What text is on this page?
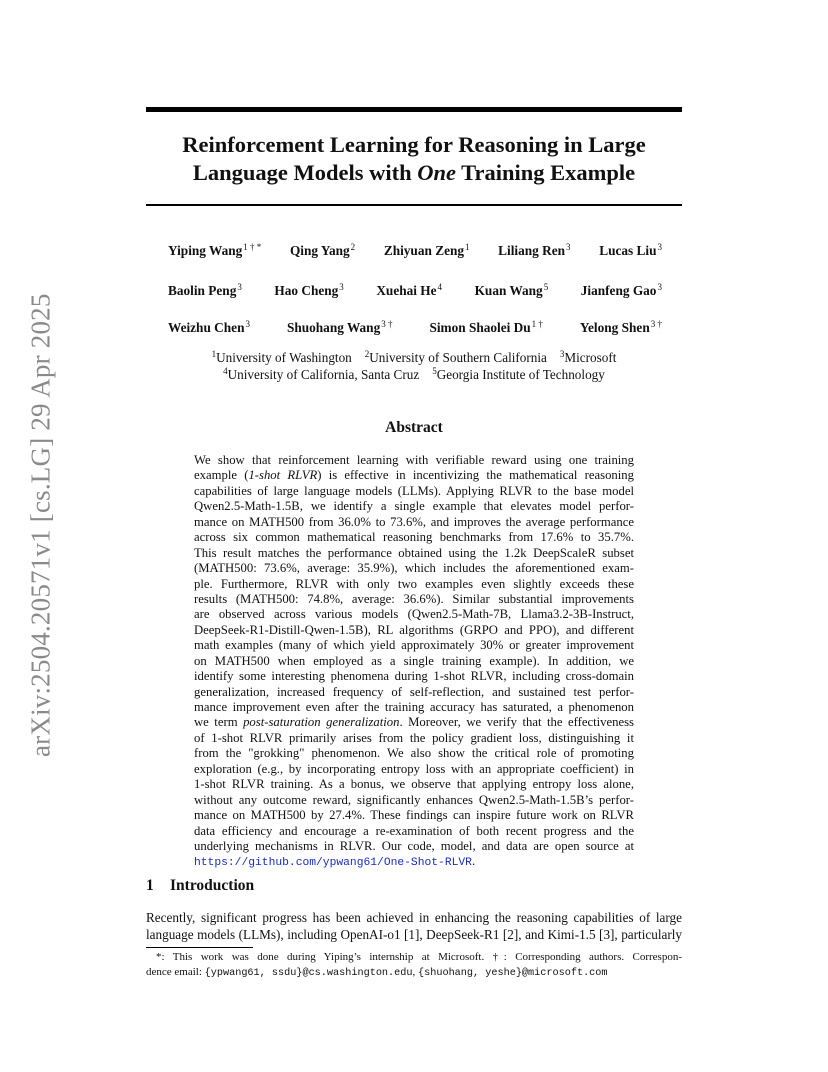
arXiv:2504.20571v1 [cs.LG] 29 Apr 2025
Reinforcement Learning for Reasoning in Large
Language Models with One Training Example
Yiping Wang$^{1 \dagger *}$ Qing Yang$^2$ Zhiyuan Zeng$^1$ Liliang Ren$^3$ Lucas Liu$^3$
Baolin Peng$^3$ Hao Cheng$^3$ Xuehai He$^4$ Kuan Wang$^5$ Jianfeng Gao$^3$
Weizhu Chen$^3$	Shuohang Wang$^{3 \dagger}$	Simon Shaolei $Du^{1 \dagger}$	Yelong Shen$^{3 \dagger}$
$^1$University of Washington $^2$University of Southern California $^3$Microsoft
$^4$University of California, Santa Cruz $^5$Georgia Institute of Technology
Abstract
We show that reinforcement learning with verifiable reward using one training
example (1-shot RLVR) is effective in incentivizing the mathematical reasoning
capabilities of large language models (LLMs). Applying RLVR to the base model
Qwen2.5-Math-1.5B, we identify a single example that elevates model perfor-
mance on MATH500 from 36.0% to 73.6%, and improves the average performance
across six common mathematical reasoning benchmarks from 17.6% to 35.7%.
This result matches the performance obtained using the 1.2k DeepScaleR subset
(MATH500: 73.6%, average: 35.9%), which includes the aforementioned exam-
ple. Furthermore, RLVR with only two examples even slightly exceeds these
results (MATH500: 74.8%, average: 36.6%). Similar substantial improvements
are observed across various models (Qwen2.5-Math-7B, Llama3.2-3B-Instruct,
DeepSeek-R1-Distill-Qwen-1.5B), RL algorithms (GRPO and PPO), and different
math examples (many of which yield approximately 30% or greater improvement
on MATH500 when employed as a single training example). In addition, we
identify some interesting phenomena during 1-shot RLVR, including cross-domain
generalization, increased frequency of self-reflection, and sustained test perfor-
mance improvement even after the training accuracy has saturated, a phenomenon
we term post-saturation generalization. Moreover, we verify that the effectiveness
of 1-shot RLVR primarily arises from the policy gradient loss, distinguishing it
from the "grokking" phenomenon. We also show the critical role of promoting
exploration (e.g., by incorporating entropy loss with an appropriate coefficient) in
1-shot RLVR training. As a bonus, we observe that applying entropy loss alone,
without any outcome reward, significantly enhances Qwen2.5-Math-1.5B’s perfor-
mance on MATH500 by 27.4%. These findings can inspire future work on RLVR
data efficiency and encourage a re-examination of both recent progress and the
underlying mechanisms in RLVR. Our code, model, and data are open source at
https://github.com/ypwang61/One-Shot-RLVR.
1 Introduction
Recently, significant progress has been achieved in enhancing the reasoning capabilities of large
language models (LLMs), including OpenAI-o1 [1], DeepSeek-R1 [2], and Kimi-1.5 [3], particularly
*: This work was done during Yiping’s internship at Microsoft. †: Corresponding authors. Correspon-
dence email: {ypwang61, ssdu}@cs.washington.edu, {shuohang, yeshe}@microsoft.com
